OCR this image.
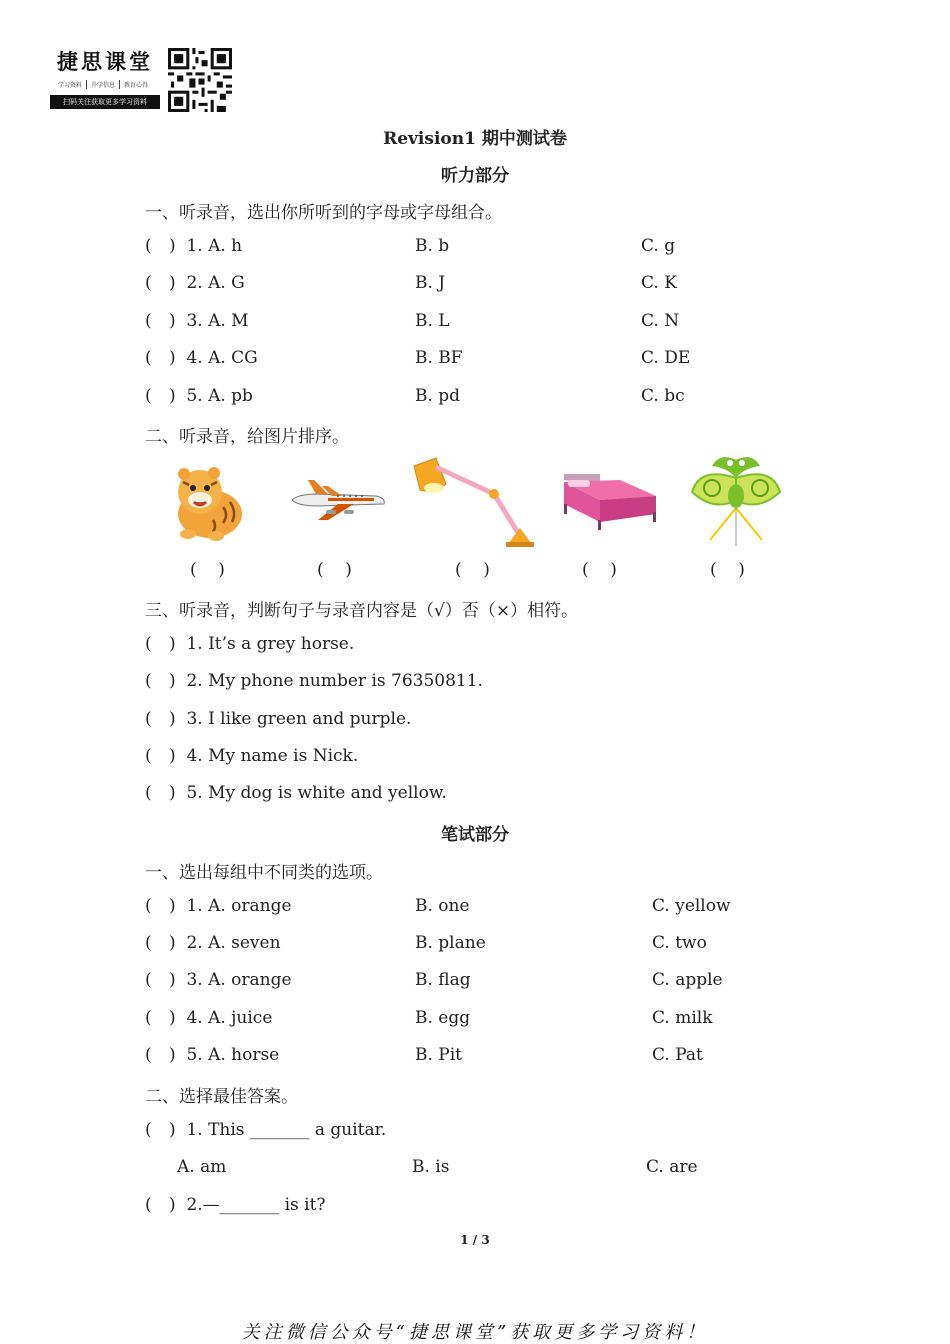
捷思课堂
学习资料	升学信息	教育心得
扫码关注获取更多学习资料
Revision1 期中测试卷
听力部分
一、听录音，选出你所听到的字母或字母组合。
( )  1. A. h	B. b	C. g
( )  2. A. G	B. J	C. K
( )  3. A. M	B. L	C. N
( )  4. A. CG	B. BF	C. DE
( )  5. A. pb	B. pd	C. bc
二、听录音，给图片排序。
(    )	(    )	(    )	(    )	(    )
三、听录音，判断句子与录音内容是（√）否（×）相符。
( )  1. It’s a grey horse.
( )  2. My phone number is 76350811.
( )  3. I like green and purple.
( )  4. My name is Nick.
( )  5. My dog is white and yellow.
笔试部分
一、选出每组中不同类的选项。
( )  1. A. orange	B. one	C. yellow
( )  2. A. seven	B. plane	C. two
( )  3. A. orange	B. flag	C. apple
( )  4. A. juice	B. egg	C. milk
( )  5. A. horse	B. Pit	C. Pat
二、选择最佳答案。
( )  1. This _______ a guitar.
A. am	B. is	C. are
( )  2.—_______ is it?
1 / 3
关注微信公众号“捷思课堂”获取更多学习资料！
